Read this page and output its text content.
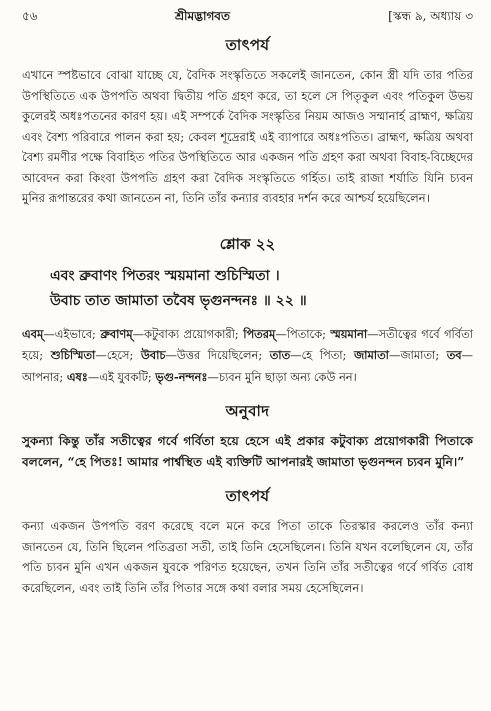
৫৬	শ্রীমদ্ভাগবত	[স্কন্ধ ৯, অধ্যায় ৩
তাৎপর্য

এখানে স্পষ্টভাবে বোঝা যাচ্ছে যে, বৈদিক সংস্কৃতিতে সকলেই জানতেন, কোন স্ত্রী যদি তার পতির উপস্থিতিতে এক উপপতি অথবা দ্বিতীয় পতি গ্রহণ করে, তা হলে সে পিতৃকুল এবং পতিকুল উভয় কুলেরই অধঃপতনের কারণ হয়। এই সম্পর্কে বৈদিক সংস্কৃতির নিয়ম আজও সম্মানার্হ ব্রাহ্মণ, ক্ষত্রিয় এবং বৈশ্য পরিবারে পালন করা হয়; কেবল শূদ্রেরাই এই ব্যাপারে অধঃপতিত। ব্রাহ্মণ, ক্ষত্রিয় অথবা বৈশ্য রমণীর পক্ষে বিবাহিত পতির উপস্থিতিতে আর একজন পতি গ্রহণ করা অথবা বিবাহ-বিচ্ছেদের আবেদন করা কিংবা উপপতি গ্রহণ করা বৈদিক সংস্কৃতিতে গর্হিত। তাই রাজা শর্যাতি যিনি চ্যবন মুনির রূপান্তরের কথা জানতেন না, তিনি তাঁর কন্যার ব্যবহার দর্শন করে আশ্চর্য হয়েছিলেন।

শ্লোক ২২
এবং ব্রুবাণং পিতরং স্ময়মানা শুচিস্মিতা ।
উবাচ তাত জামাতা তবৈষ ভৃগুনন্দনঃ ॥ ২২ ॥

এবম্—এইভাবে; ব্রুবাণম্—কটুবাক্য প্রয়োগকারী; পিতরম্—পিতাকে; স্ময়মানা—সতীত্বের গর্বে গর্বিতা হয়ে; শুচিস্মিতা—হেসে; উবাচ—উত্তর দিয়েছিলেন; তাত—হে পিতা; জামাতা—জামাতা; তব—আপনার; এষঃ—এই যুবকটি; ভৃগু-নন্দনঃ—চ্যবন মুনি ছাড়া অন্য কেউ নন।

অনুবাদ

সুকন্যা কিন্তু তাঁর সতীত্বের গর্বে গর্বিতা হয়ে হেসে এই প্রকার কটুবাক্য প্রয়োগকারী পিতাকে বললেন, “হে পিতঃ! আমার পার্শ্বস্থিত এই ব্যক্তিটি আপনারই জামাতা ভৃগুনন্দন চ্যবন মুনি।”

তাৎপর্য

কন্যা একজন উপপতি বরণ করেছে বলে মনে করে পিতা তাকে তিরস্কার করলেও তাঁর কন্যা জানতেন যে, তিনি ছিলেন পতিব্রতা সতী, তাই তিনি হেসেছিলেন। তিনি যখন বলেছিলেন যে, তাঁর পতি চ্যবন মুনি এখন একজন যুবকে পরিণত হয়েছেন, তখন তিনি তাঁর সতীত্বের গর্বে গর্বিত বোধ করেছিলেন, এবং তাই তিনি তাঁর পিতার সঙ্গে কথা বলার সময় হেসেছিলেন।
